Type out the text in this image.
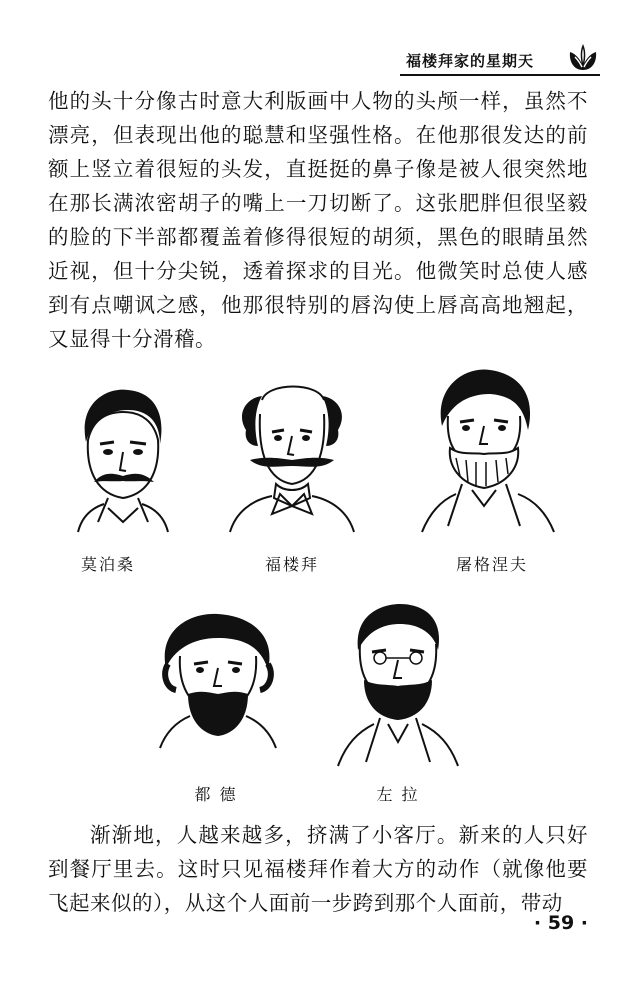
福楼拜家的星期天

他的头十分像古时意大利版画中人物的头颅一样，虽然不漂亮，但表现出他的聪慧和坚强性格。在他那很发达的前额上竖立着很短的头发，直挺挺的鼻子像是被人很突然地在那长满浓密胡子的嘴上一刀切断了。这张肥胖但很坚毅的脸的下半部都覆盖着修得很短的胡须，黑色的眼睛虽然近视，但十分尖锐，透着探求的目光。他微笑时总使人感到有点嘲讽之感，他那很特别的唇沟使上唇高高地翘起，又显得十分滑稽。

莫泊桑	福楼拜	屠格涅夫
都 德	左 拉

渐渐地，人越来越多，挤满了小客厅。新来的人只好到餐厅里去。这时只见福楼拜作着大方的动作（就像他要飞起来似的），从这个人面前一步跨到那个人面前，带动

· 59 ·
